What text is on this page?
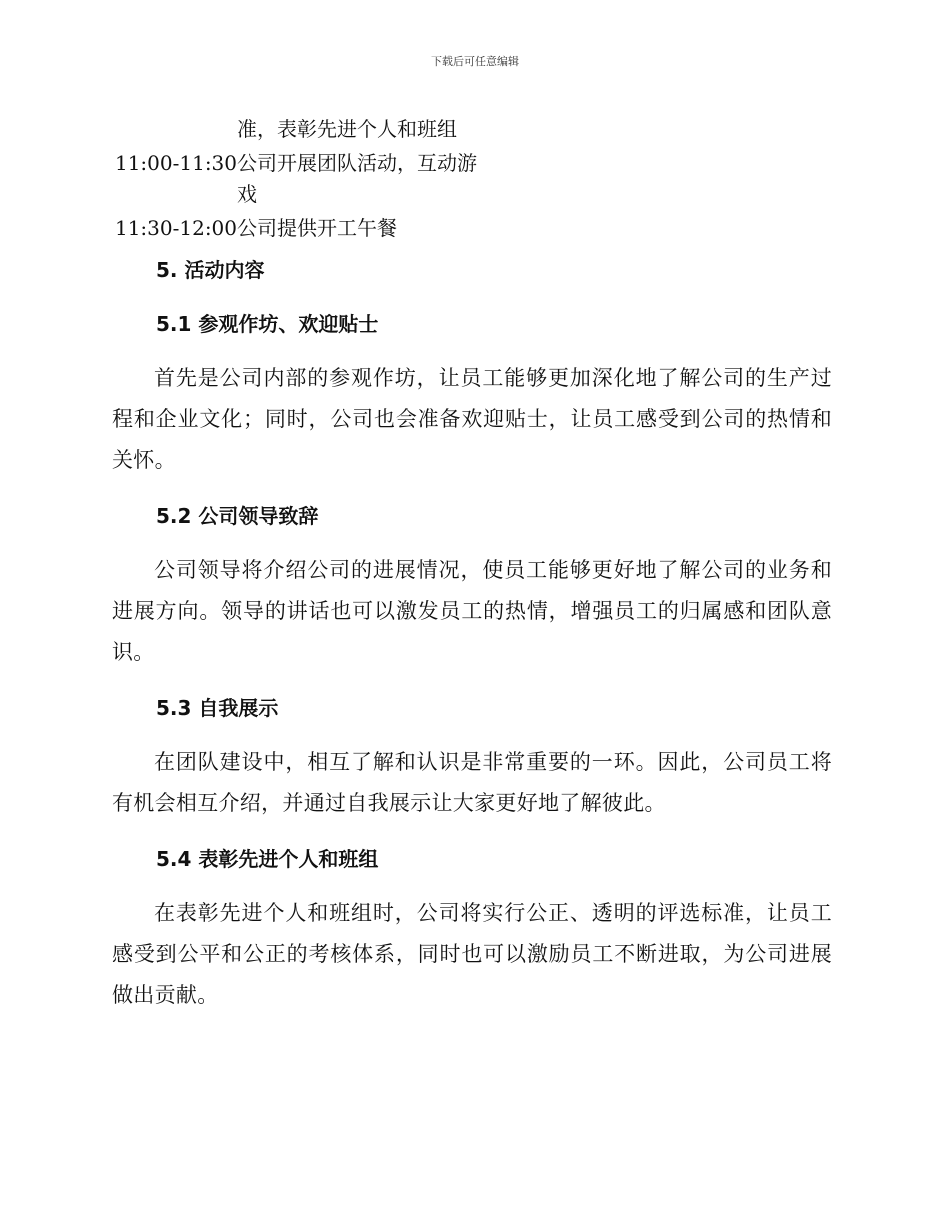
下载后可任意编辑
准，表彰先进个人和班组
11:00-11:30 公司开展团队活动，互动游戏
11:30-12:00 公司提供开工午餐
5. 活动内容
5.1 参观作坊、欢迎贴士

首先是公司内部的参观作坊，让员工能够更加深化地了解公司的生产过程和企业文化；同时，公司也会准备欢迎贴士，让员工感受到公司的热情和关怀。

5.2 公司领导致辞

公司领导将介绍公司的进展情况，使员工能够更好地了解公司的业务和进展方向。领导的讲话也可以激发员工的热情，增强员工的归属感和团队意识。

5.3 自我展示

在团队建设中，相互了解和认识是非常重要的一环。因此，公司员工将有机会相互介绍，并通过自我展示让大家更好地了解彼此。

5.4 表彰先进个人和班组

在表彰先进个人和班组时，公司将实行公正、透明的评选标准，让员工感受到公平和公正的考核体系，同时也可以激励员工不断进取，为公司进展做出贡献。
